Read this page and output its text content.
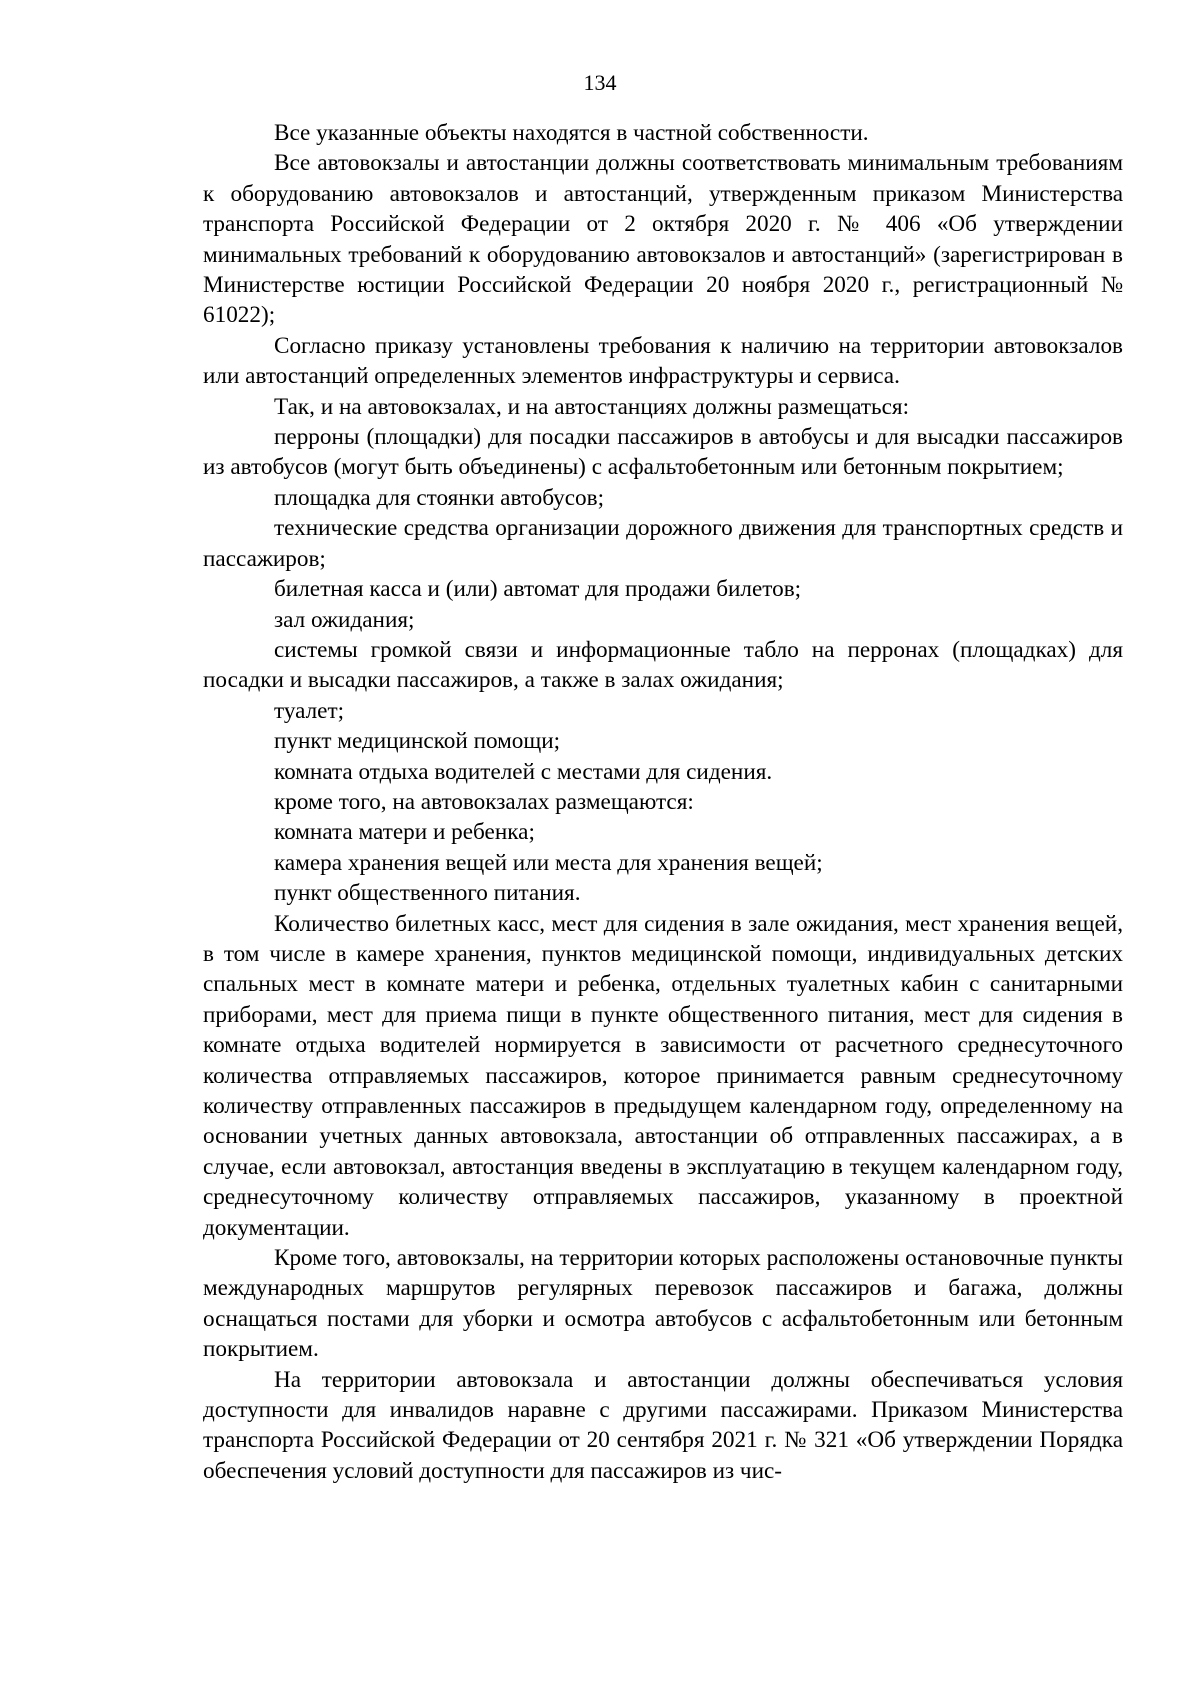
134

Все указанные объекты находятся в частной собственности.

Все автовокзалы и автостанции должны соответствовать минимальным требованиям к оборудованию автовокзалов и автостанций, утвержденным приказом Министерства транспорта Российской Федерации от 2 октября 2020 г. № 406 «Об утверждении минимальных требований к оборудованию автовокзалов и автостанций» (зарегистрирован в Министерстве юстиции Российской Федерации 20 ноября 2020 г., регистрационный № 61022);

Согласно приказу установлены требования к наличию на территории автовокзалов или автостанций определенных элементов инфраструктуры и сервиса.

Так, и на автовокзалах, и на автостанциях должны размещаться:

перроны (площадки) для посадки пассажиров в автобусы и для высадки пассажиров из автобусов (могут быть объединены) с асфальтобетонным или бетонным покрытием;

площадка для стоянки автобусов;

технические средства организации дорожного движения для транспортных средств и пассажиров;

билетная касса и (или) автомат для продажи билетов;

зал ожидания;

системы громкой связи и информационные табло на перронах (площадках) для посадки и высадки пассажиров, а также в залах ожидания;

туалет;

пункт медицинской помощи;

комната отдыха водителей с местами для сидения.

кроме того, на автовокзалах размещаются:

комната матери и ребенка;

камера хранения вещей или места для хранения вещей;

пункт общественного питания.

Количество билетных касс, мест для сидения в зале ожидания, мест хранения вещей, в том числе в камере хранения, пунктов медицинской помощи, индивидуальных детских спальных мест в комнате матери и ребенка, отдельных туалетных кабин с санитарными приборами, мест для приема пищи в пункте общественного питания, мест для сидения в комнате отдыха водителей нормируется в зависимости от расчетного среднесуточного количества отправляемых пассажиров, которое принимается равным среднесуточному количеству отправленных пассажиров в предыдущем календарном году, определенному на основании учетных данных автовокзала, автостанции об отправленных пассажирах, а в случае, если автовокзал, автостанция введены в эксплуатацию в текущем календарном году, среднесуточному количеству отправляемых пассажиров, указанному в проектной документации.

Кроме того, автовокзалы, на территории которых расположены остановочные пункты международных маршрутов регулярных перевозок пассажиров и багажа, должны оснащаться постами для уборки и осмотра автобусов с асфальтобетонным или бетонным покрытием.

На территории автовокзала и автостанции должны обеспечиваться условия доступности для инвалидов наравне с другими пассажирами. Приказом Министерства транспорта Российской Федерации от 20 сентября 2021 г. № 321 «Об утверждении Порядка обеспечения условий доступности для пассажиров из чис-
